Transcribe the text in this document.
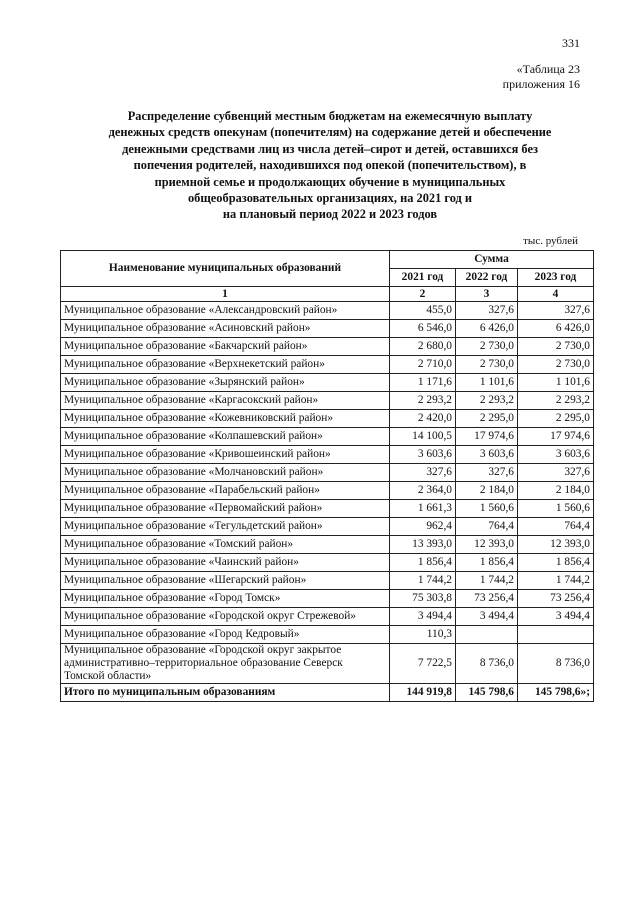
331
«Таблица 23
приложения 16
Распределение субвенций местным бюджетам на ежемесячную выплату
денежных средств опекунам (попечителям) на содержание детей и обеспечение
денежными средствами лиц из числа детей–сирот и детей, оставшихся без
попечения родителей, находившихся под опекой (попечительством), в
приемной семье и продолжающих обучение в муниципальных
общеобразовательных организациях, на 2021 год и
на плановый период 2022 и 2023 годов
тыс. рублей
Наименование муниципальных образований	Сумма		
	2021 год	2022 год	2023 год
1	2	3	4
Муниципальное образование «Александровский район»	455,0	327,6	327,6
Муниципальное образование «Асиновский район»	6 546,0	6 426,0	6 426,0
Муниципальное образование «Бакчарский район»	2 680,0	2 730,0	2 730,0
Муниципальное образование «Верхнекетский район»	2 710,0	2 730,0	2 730,0
Муниципальное образование «Зырянский район»	1 171,6	1 101,6	1 101,6
Муниципальное образование «Каргасокский район»	2 293,2	2 293,2	2 293,2
Муниципальное образование «Кожевниковский район»	2 420,0	2 295,0	2 295,0
Муниципальное образование «Колпашевский район»	14 100,5	17 974,6	17 974,6
Муниципальное образование «Кривошеинский район»	3 603,6	3 603,6	3 603,6
Муниципальное образование «Молчановский район»	327,6	327,6	327,6
Муниципальное образование «Парабельский район»	2 364,0	2 184,0	2 184,0
Муниципальное образование «Первомайский район»	1 661,3	1 560,6	1 560,6
Муниципальное образование «Тегульдетский район»	962,4	764,4	764,4
Муниципальное образование «Томский район»	13 393,0	12 393,0	12 393,0
Муниципальное образование «Чаинский район»	1 856,4	1 856,4	1 856,4
Муниципальное образование «Шегарский район»	1 744,2	1 744,2	1 744,2
Муниципальное образование «Город Томск»	75 303,8	73 256,4	73 256,4
Муниципальное образование «Городской округ Стрежевой»	3 494,4	3 494,4	3 494,4
Муниципальное образование «Город Кедровый»	110,3		
Муниципальное образование «Городской округ закрытое административно–территориальное образование Северск Томской области»	7 722,5	8 736,0	8 736,0
Итого по муниципальным образованиям	144 919,8	145 798,6	145 798,6»;
